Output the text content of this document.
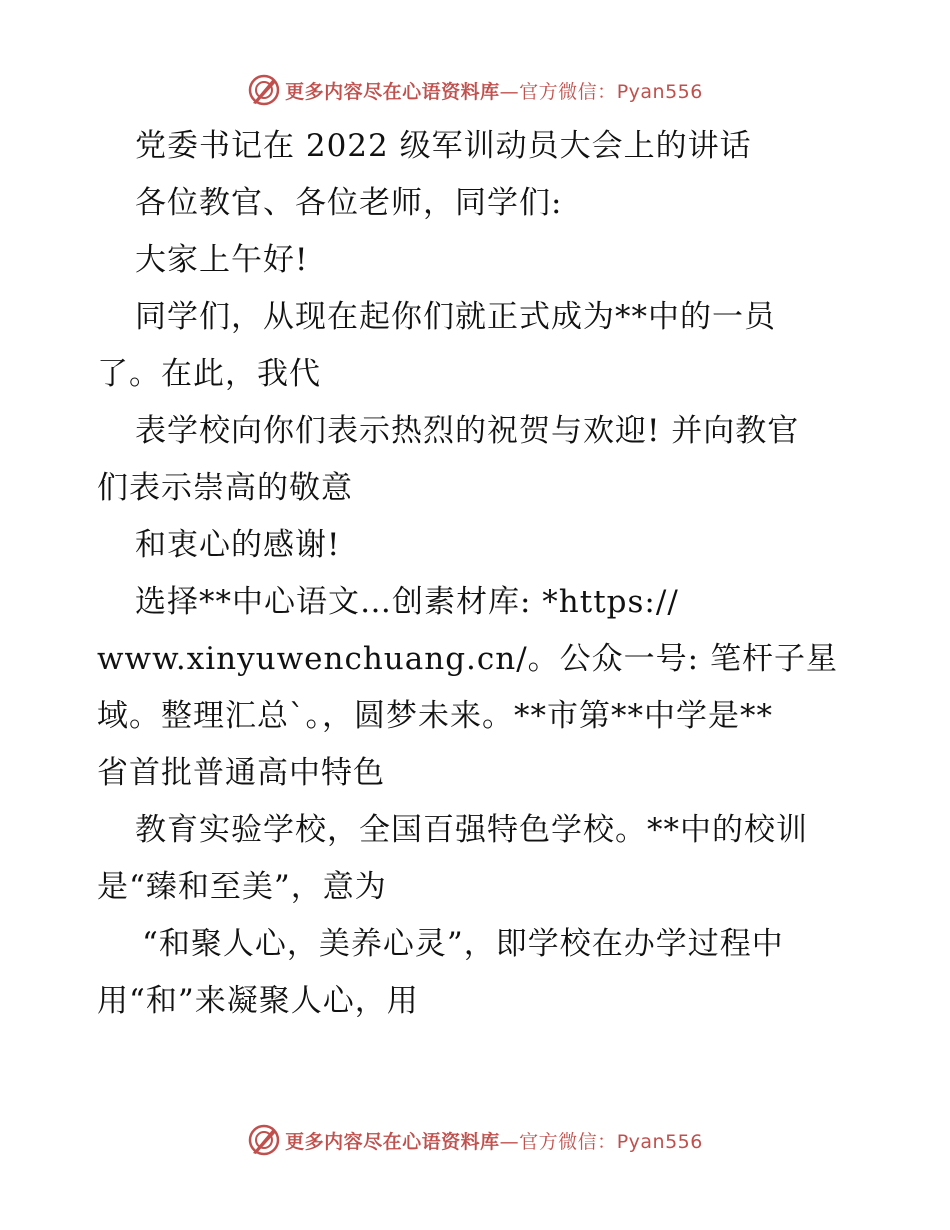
更多内容尽在心语资料库—官方微信：Pyan556
党委书记在 2022 级军训动员大会上的讲话
各位教官、各位老师，同学们:
大家上午好!
同学们，从现在起你们就正式成为**中的一员
了。在此，我代
表学校向你们表示热烈的祝贺与欢迎! 并向教官
们表示崇高的敬意
和衷心的感谢!
选择**中心语文…创素材库: *https://
www.xinyuwenchuang.cn/。公众一号: 笔杆子星
域。整理汇总`。，圆梦未来。**市第**中学是**
省首批普通高中特色
教育实验学校，全国百强特色学校。**中的校训
是“臻和至美”，意为
“和聚人心，美养心灵”，即学校在办学过程中
用“和”来凝聚人心，用
更多内容尽在心语资料库—官方微信：Pyan556
